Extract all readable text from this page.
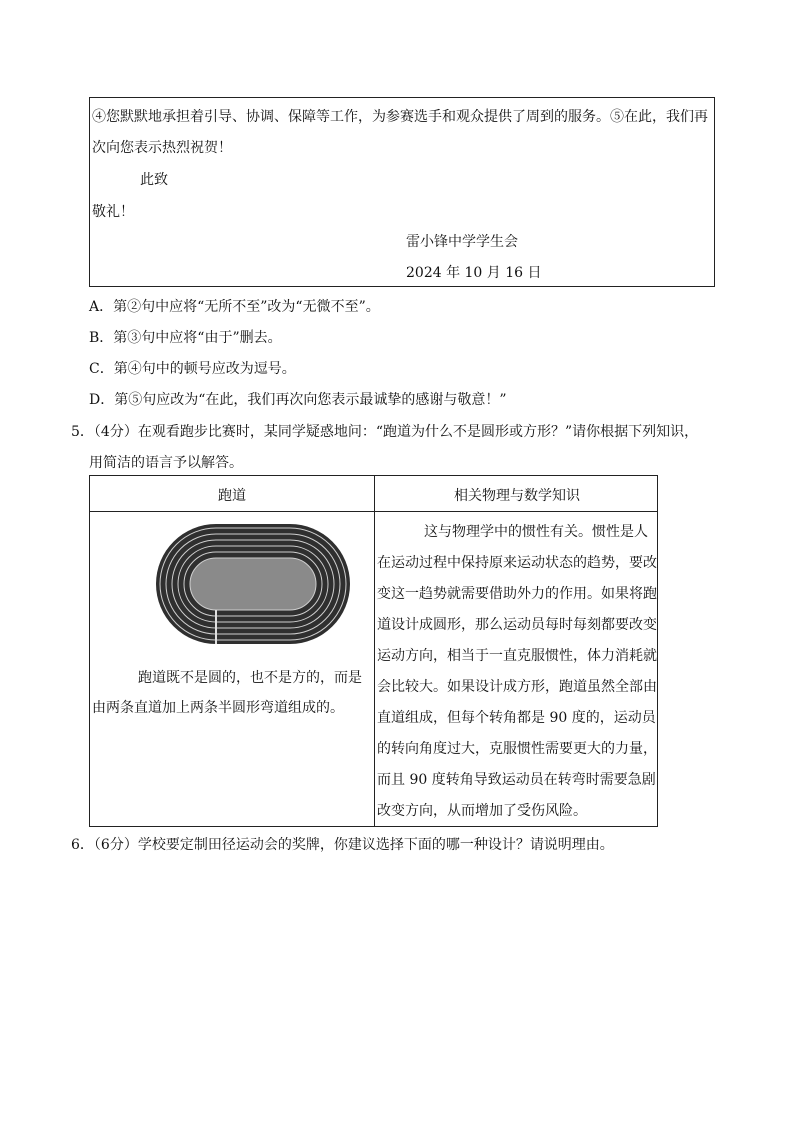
④您默默地承担着引导、协调、保障等工作，为参赛选手和观众提供了周到的服务。⑤在此，我们再
次向您表示热烈祝贺！
此致
敬礼！
雷小锋中学学生会
2024 年 10 月 16 日
A．第②句中应将“无所不至”改为“无微不至”。
B．第③句中应将“由于”删去。
C．第④句中的顿号应改为逗号。
D．第⑤句应改为“在此，我们再次向您表示最诚挚的感谢与敬意！”
5．（4分）在观看跑步比赛时，某同学疑惑地问：“跑道为什么不是圆形或方形？”请你根据下列知识，
用简洁的语言予以解答。
跑道	相关物理与数学知识
跑道既不是圆的，也不是方的，而是
由两条直道加上两条半圆形弯道组成的。
这与物理学中的惯性有关。惯性是人
在运动过程中保持原来运动状态的趋势，要改
变这一趋势就需要借助外力的作用。如果将跑
道设计成圆形，那么运动员每时每刻都要改变
运动方向，相当于一直克服惯性，体力消耗就
会比较大。如果设计成方形，跑道虽然全部由
直道组成，但每个转角都是 90 度的，运动员
的转向角度过大，克服惯性需要更大的力量，
而且 90 度转角导致运动员在转弯时需要急剧
改变方向，从而增加了受伤风险。
6．（6分）学校要定制田径运动会的奖牌，你建议选择下面的哪一种设计？请说明理由。
